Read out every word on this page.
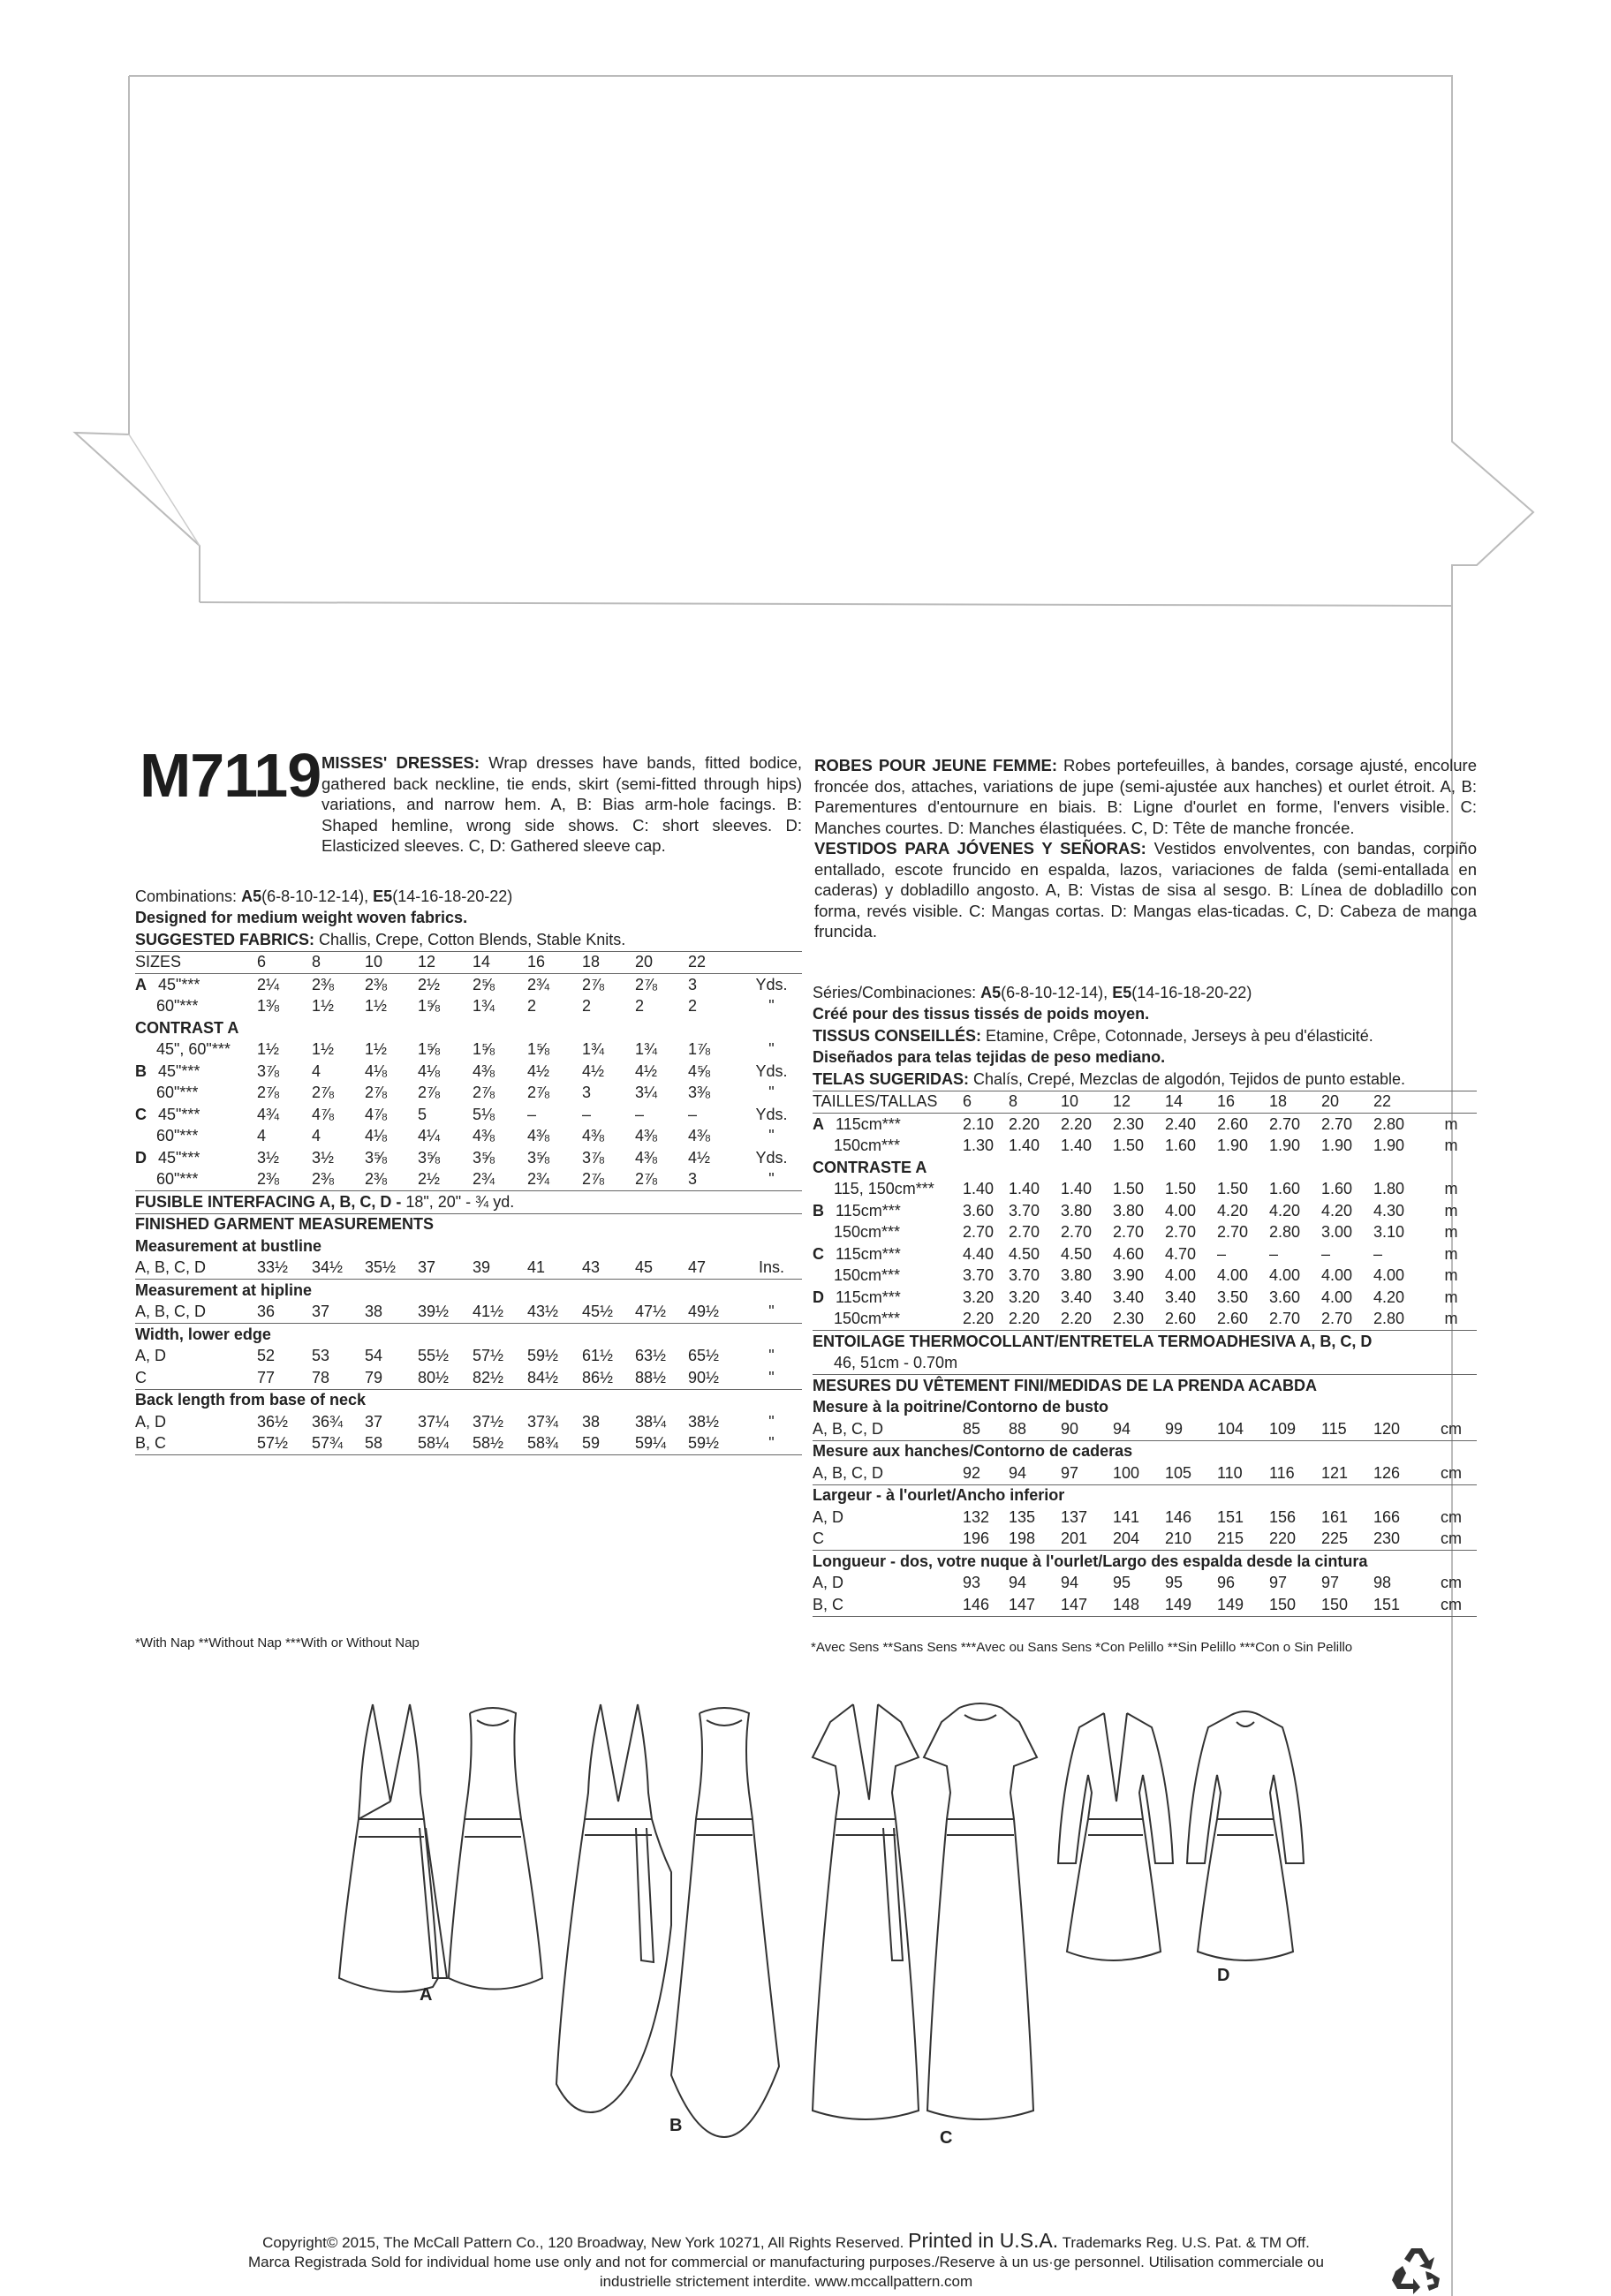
M7119 MISSES' DRESSES: Wrap dresses have bands, fitted bodice, gathered back neckline, tie ends, skirt (semi-fitted through hips) variations, and narrow hem. A, B: Bias arm-hole facings. B: Shaped hemline, wrong side shows. C: short sleeves. D: Elasticized sleeves. C, D: Gathered sleeve cap.

ROBES POUR JEUNE FEMME: Robes portefeuilles, à bandes, corsage ajusté, encolure froncée dos, attaches, variations de jupe (semi-ajustée aux hanches) et ourlet étroit. A, B: Parementures d'entournure en biais. B: Ligne d'ourlet en forme, l'envers visible. C: Manches courtes. D: Manches élastiquées. C, D: Tête de manche froncée.

VESTIDOS PARA JÓVENES Y SEÑORAS: Vestidos envolventes, con bandas, corpiño entallado, escote fruncido en espalda, lazos, variaciones de falda (semi-entallada en caderas) y dobladillo angosto. A, B: Vistas de sisa al sesgo. B: Línea de dobladillo con forma, revés visible. C: Mangas cortas. D: Mangas elas-ticadas. C, D: Cabeza de manga fruncida.

Combinations: A5(6-8-10-12-14), E5(14-16-18-20-22)										
Designed for medium weight woven fabrics.										
SUGGESTED FABRICS: Challis, Crepe, Cotton Blends, Stable Knits.										
SIZES	6	8	10	12	14	16	18	20	22	
A 45"***	2¼	2⅜	2⅜	2½	2⅝	2¾	2⅞	2⅞	3	Yds.
60"***	1⅜	1½	1½	1⅝	1¾	2	2	2	2	"
CONTRAST A										
45", 60"***	1½	1½	1½	1⅝	1⅝	1⅝	1¾	1¾	1⅞	"
B 45"***	3⅞	4	4⅛	4⅛	4⅜	4½	4½	4½	4⅝	Yds.
60"***	2⅞	2⅞	2⅞	2⅞	2⅞	2⅞	3	3¼	3⅜	"
C 45"***	4¾	4⅞	4⅞	5	5⅛	–	–	–	–	Yds.
60"***	4	4	4⅛	4¼	4⅜	4⅜	4⅜	4⅜	4⅜	"
D 45"***	3½	3½	3⅝	3⅝	3⅝	3⅝	3⅞	4⅜	4½	Yds.
60"***	2⅜	2⅜	2⅜	2½	2¾	2¾	2⅞	2⅞	3	"
FUSIBLE INTERFACING A, B, C, D - 18", 20" - ¾ yd.										
FINISHED GARMENT MEASUREMENTS										
Measurement at bustline										
A, B, C, D	33½	34½	35½	37	39	41	43	45	47	Ins.
Measurement at hipline										
A, B, C, D	36	37	38	39½	41½	43½	45½	47½	49½	"
Width, lower edge										
A, D	52	53	54	55½	57½	59½	61½	63½	65½	"
C	77	78	79	80½	82½	84½	86½	88½	90½	"
Back length from base of neck										
A, D	36½	36¾	37	37¼	37½	37¾	38	38¼	38½	"
B, C	57½	57¾	58	58¼	58½	58¾	59	59¼	59½	"
Séries/Combinaciones: A5(6-8-10-12-14), E5(14-16-18-20-22)										
Créé pour des tissus tissés de poids moyen.										
TISSUS CONSEILLÉS: Etamine, Crêpe, Cotonnade, Jerseys à peu d'élasticité.										
Diseñados para telas tejidas de peso mediano.										
TELAS SUGERIDAS: Chalís, Crepé, Mezclas de algodón, Tejidos de punto estable.										
TAILLES/TALLAS	6	8	10	12	14	16	18	20	22	
A 115cm***	2.10	2.20	2.20	2.30	2.40	2.60	2.70	2.70	2.80	m
150cm***	1.30	1.40	1.40	1.50	1.60	1.90	1.90	1.90	1.90	m
CONTRASTE A										
115, 150cm***	1.40	1.40	1.40	1.50	1.50	1.50	1.60	1.60	1.80	m
B 115cm***	3.60	3.70	3.80	3.80	4.00	4.20	4.20	4.20	4.30	m
150cm***	2.70	2.70	2.70	2.70	2.70	2.70	2.80	3.00	3.10	m
C 115cm***	4.40	4.50	4.50	4.60	4.70	–	–	–	–	m
150cm***	3.70	3.70	3.80	3.90	4.00	4.00	4.00	4.00	4.00	m
D 115cm***	3.20	3.20	3.40	3.40	3.40	3.50	3.60	4.00	4.20	m
150cm***	2.20	2.20	2.20	2.30	2.60	2.60	2.70	2.70	2.80	m
ENTOILAGE THERMOCOLLANT/ENTRETELA TERMOADHESIVA A, B, C, D										
46, 51cm - 0.70m										
MESURES DU VÊTEMENT FINI/MEDIDAS DE LA PRENDA ACABDA										
Mesure à la poitrine/Contorno de busto										
A, B, C, D	85	88	90	94	99	104	109	115	120	cm
Mesure aux hanches/Contorno de caderas										
A, B, C, D	92	94	97	100	105	110	116	121	126	cm
Largeur - à l'ourlet/Ancho inferior										
A, D	132	135	137	141	146	151	156	161	166	cm
C	196	198	201	204	210	215	220	225	230	cm
Longueur - dos, votre nuque à l'ourlet/Largo des espalda desde la cintura										
A, D	93	94	94	95	95	96	97	97	98	cm
B, C	146	147	147	148	149	149	150	150	151	cm
*With Nap **Without Nap ***With or Without Nap	*Avec Sens **Sans Sens ***Avec ou Sans Sens *Con Pelillo **Sin Pelillo ***Con o Sin Pelillo
A
B
C
D
Copyright© 2015, The McCall Pattern Co., 120 Broadway, New York 10271, All Rights Reserved. Printed in U.S.A. Trademarks Reg. U.S. Pat. & TM Off.
Marca Registrada Sold for individual home use only and not for commercial or manufacturing purposes./Reserve à un us·ge personnel. Utilisation commerciale ou
industrielle strictement interdite. www.mccallpattern.com
